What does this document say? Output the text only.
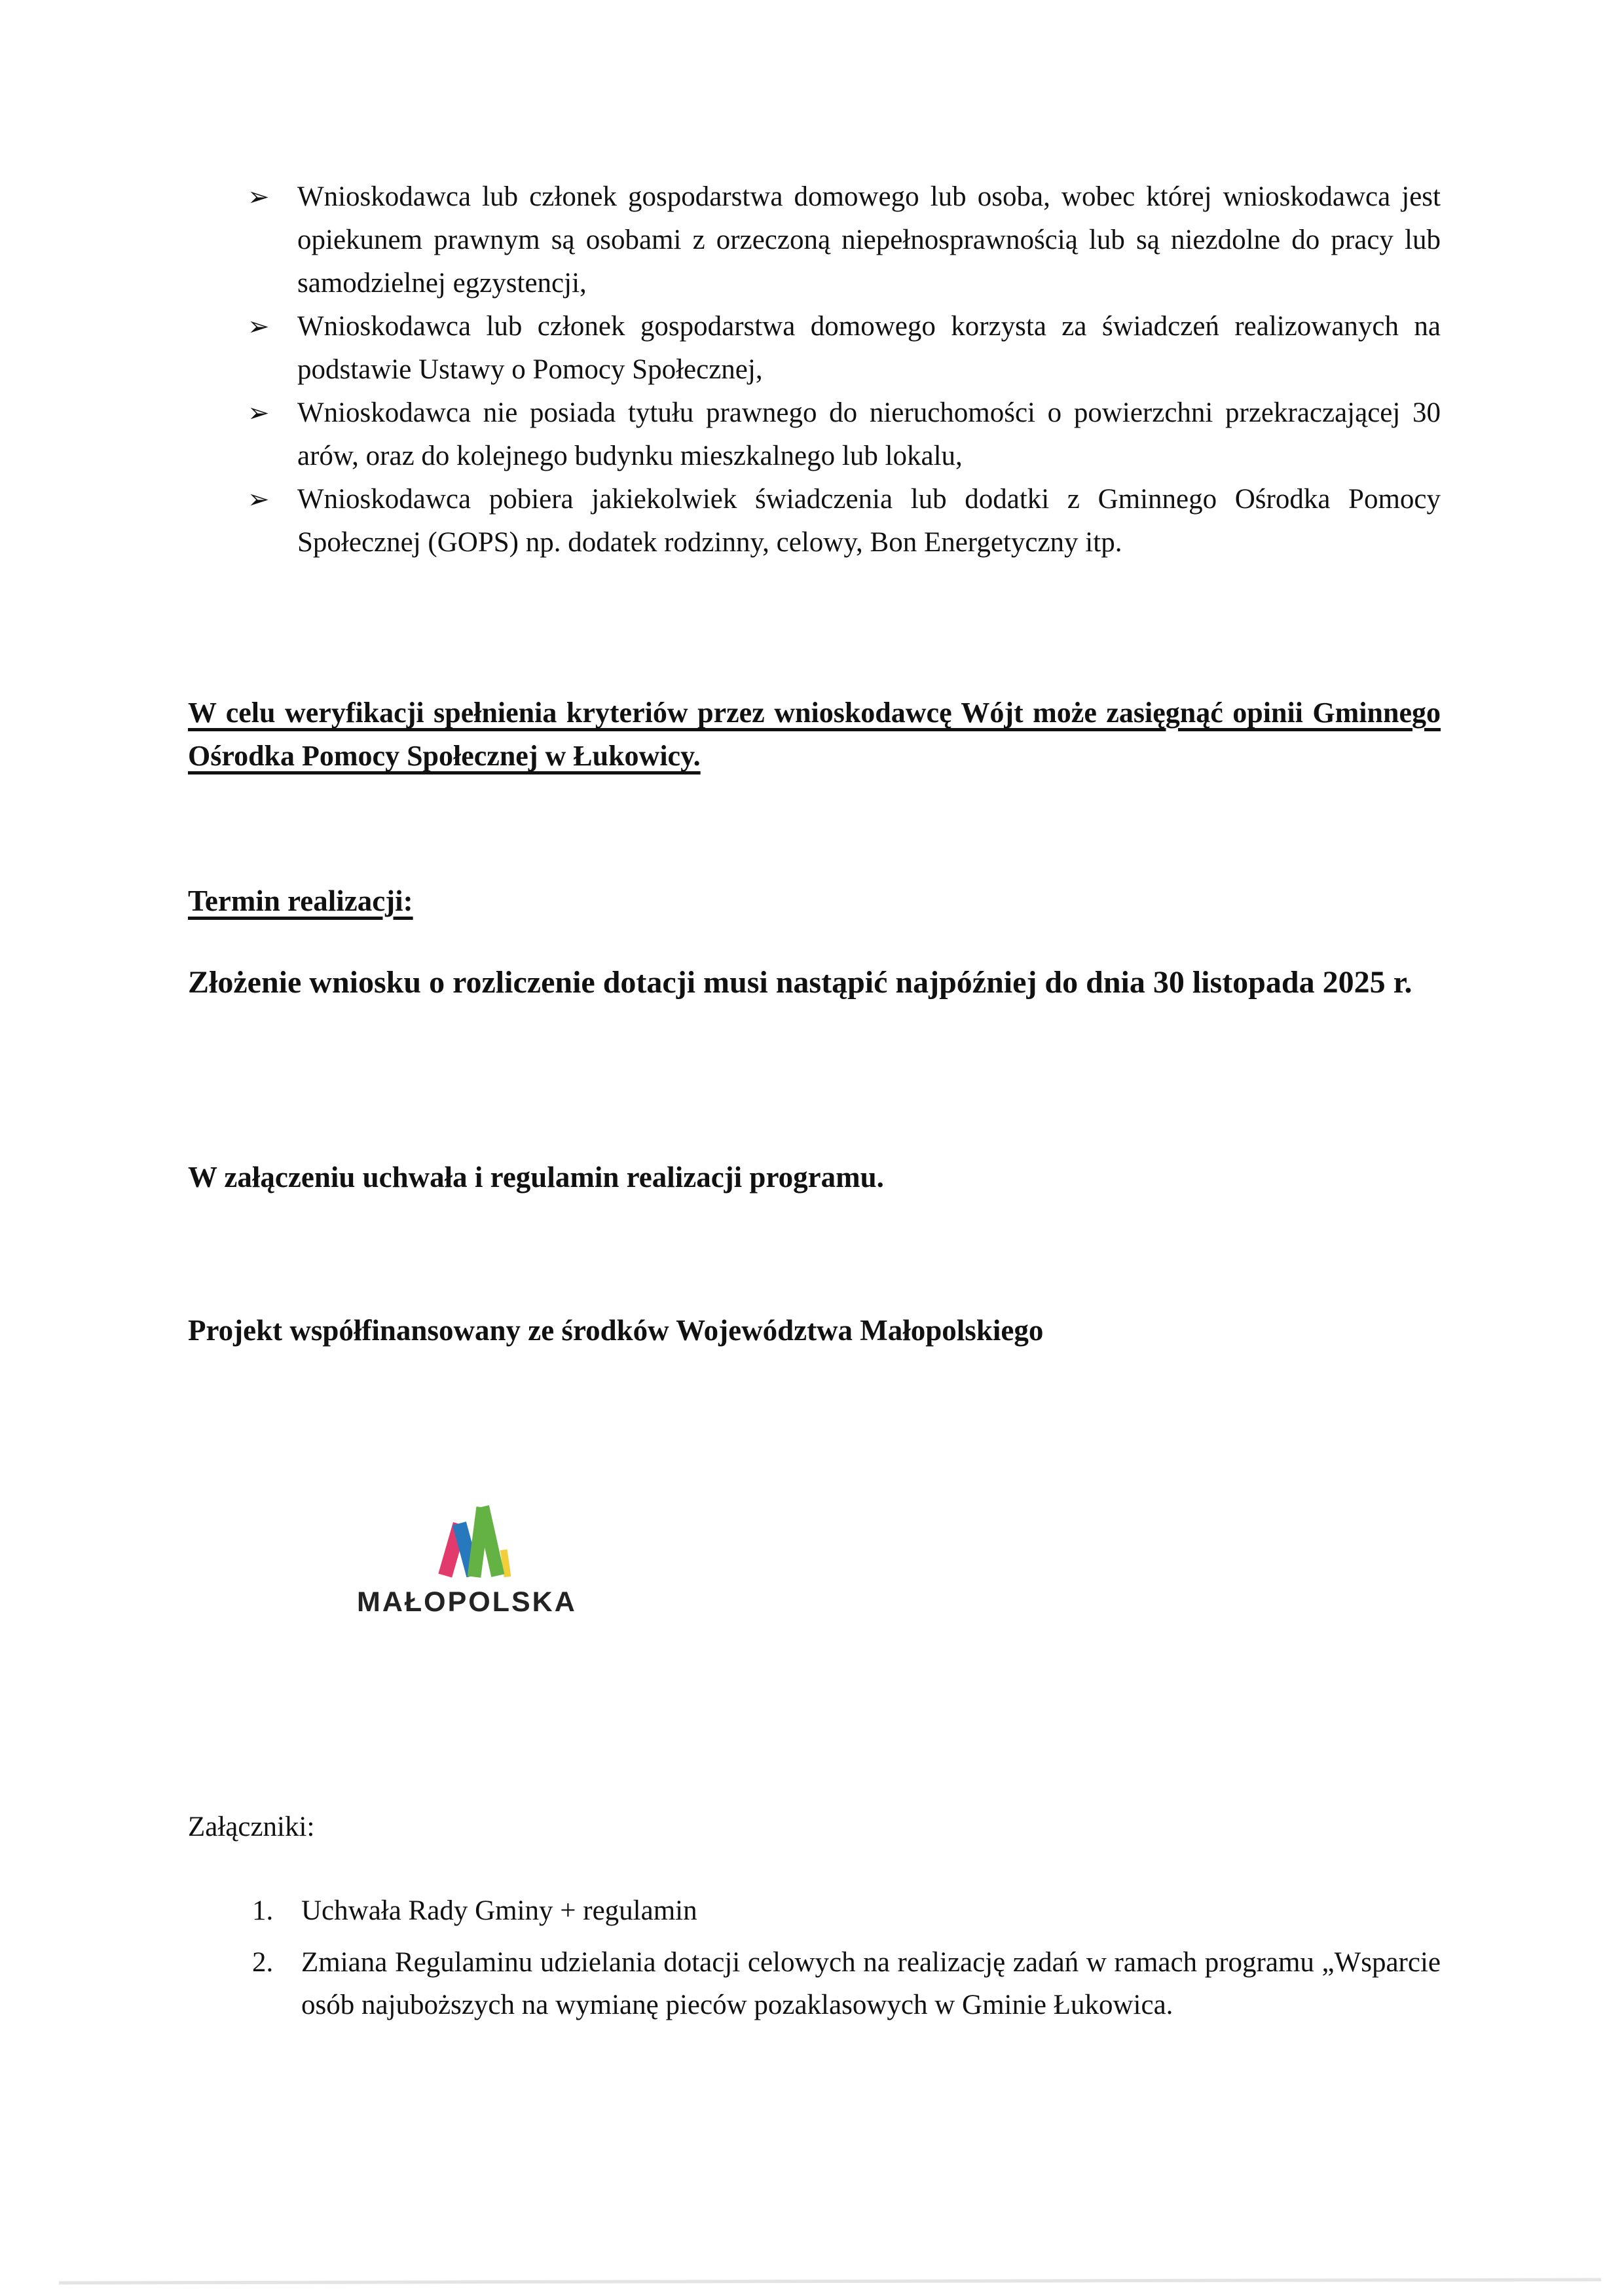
➢ Wnioskodawca lub członek gospodarstwa domowego lub osoba, wobec której wnioskodawca jest opiekunem prawnym są osobami z orzeczoną niepełnosprawnością lub są niezdolne do pracy lub samodzielnej egzystencji,
➢ Wnioskodawca lub członek gospodarstwa domowego korzysta za świadczeń realizowanych na podstawie Ustawy o Pomocy Społecznej,
➢ Wnioskodawca nie posiada tytułu prawnego do nieruchomości o powierzchni przekraczającej 30 arów, oraz do kolejnego budynku mieszkalnego lub lokalu,
➢ Wnioskodawca pobiera jakiekolwiek świadczenia lub dodatki z Gminnego Ośrodka Pomocy Społecznej (GOPS) np. dodatek rodzinny, celowy, Bon Energetyczny itp.
W celu weryfikacji spełnienia kryteriów przez wnioskodawcę Wójt może zasięgnąć opinii Gminnego Ośrodka Pomocy Społecznej w Łukowicy.
Termin realizacji:
Złożenie wniosku o rozliczenie dotacji musi nastąpić najpóźniej do dnia 30 listopada 2025 r.
W załączeniu uchwała i regulamin realizacji programu.
Projekt współfinansowany ze środków Województwa Małopolskiego
MAŁOPOLSKA
Załączniki:
1. Uchwała Rady Gminy + regulamin
2. Zmiana Regulaminu udzielania dotacji celowych na realizację zadań w ramach programu „Wsparcie osób najuboższych na wymianę pieców pozaklasowych w Gminie Łukowica.
